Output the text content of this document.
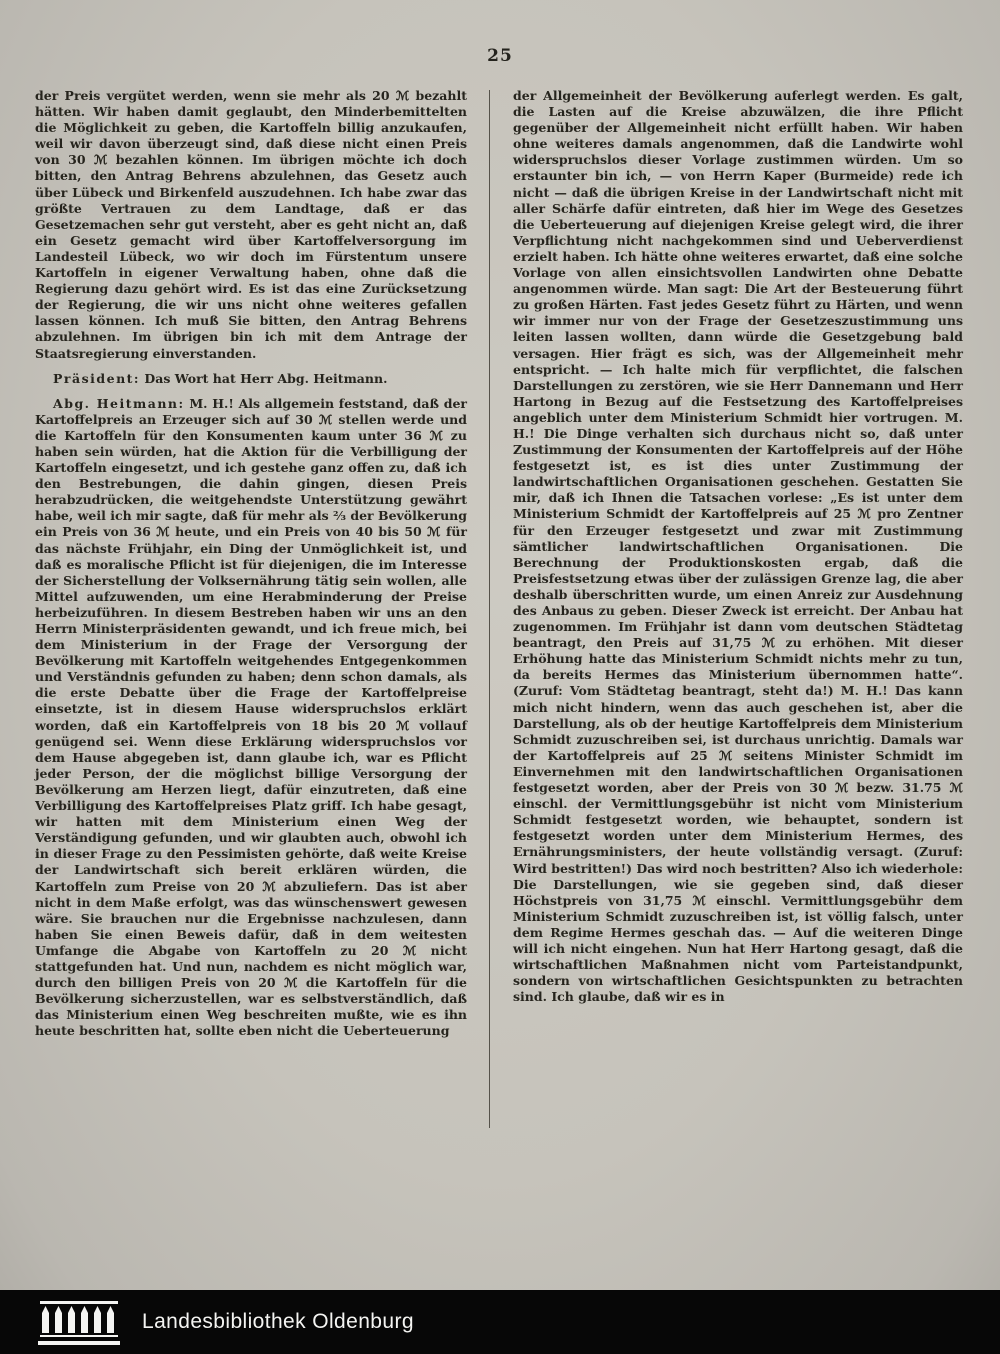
25

der Preis vergütet werden, wenn sie mehr als 20 ℳ bezahlt hätten. Wir haben damit geglaubt, den Minderbemittelten die Möglichkeit zu geben, die Kartoffeln billig anzukaufen, weil wir davon überzeugt sind, daß diese nicht einen Preis von 30 ℳ bezahlen können. Im übrigen möchte ich doch bitten, den Antrag Behrens abzulehnen, das Gesetz auch über Lübeck und Birkenfeld auszudehnen. Ich habe zwar das größte Vertrauen zu dem Landtage, daß er das Gesetzemachen sehr gut versteht, aber es geht nicht an, daß ein Gesetz gemacht wird über Kartoffelversorgung im Landesteil Lübeck, wo wir doch im Fürstentum unsere Kartoffeln in eigener Verwaltung haben, ohne daß die Regierung dazu gehört wird. Es ist das eine Zurücksetzung der Regierung, die wir uns nicht ohne weiteres gefallen lassen können. Ich muß Sie bitten, den Antrag Behrens abzulehnen. Im übrigen bin ich mit dem Antrage der Staatsregierung einverstanden.

Präsident: Das Wort hat Herr Abg. Heitmann.

Abg. Heitmann: M. H.! Als allgemein feststand, daß der Kartoffelpreis an Erzeuger sich auf 30 ℳ stellen werde und die Kartoffeln für den Konsumenten kaum unter 36 ℳ zu haben sein würden, hat die Aktion für die Verbilligung der Kartoffeln eingesetzt, und ich gestehe ganz offen zu, daß ich den Bestrebungen, die dahin gingen, diesen Preis herabzudrücken, die weitgehendste Unterstützung gewährt habe, weil ich mir sagte, daß für mehr als ⅔ der Bevölkerung ein Preis von 36 ℳ heute, und ein Preis von 40 bis 50 ℳ für das nächste Frühjahr, ein Ding der Unmöglichkeit ist, und daß es moralische Pflicht ist für diejenigen, die im Interesse der Sicherstellung der Volksernährung tätig sein wollen, alle Mittel aufzuwenden, um eine Herabminderung der Preise herbeizuführen. In diesem Bestreben haben wir uns an den Herrn Ministerpräsidenten gewandt, und ich freue mich, bei dem Ministerium in der Frage der Versorgung der Bevölkerung mit Kartoffeln weitgehendes Entgegenkommen und Verständnis gefunden zu haben; denn schon damals, als die erste Debatte über die Frage der Kartoffelpreise einsetzte, ist in diesem Hause widerspruchslos erklärt worden, daß ein Kartoffelpreis von 18 bis 20 ℳ vollauf genügend sei. Wenn diese Erklärung widerspruchslos vor dem Hause abgegeben ist, dann glaube ich, war es Pflicht jeder Person, der die möglichst billige Versorgung der Bevölkerung am Herzen liegt, dafür einzutreten, daß eine Verbilligung des Kartoffelpreises Platz griff. Ich habe gesagt, wir hatten mit dem Ministerium einen Weg der Verständigung gefunden, und wir glaubten auch, obwohl ich in dieser Frage zu den Pessimisten gehörte, daß weite Kreise der Landwirtschaft sich bereit erklären würden, die Kartoffeln zum Preise von 20 ℳ abzuliefern. Das ist aber nicht in dem Maße erfolgt, was das wünschenswert gewesen wäre. Sie brauchen nur die Ergebnisse nachzulesen, dann haben Sie einen Beweis dafür, daß in dem weitesten Umfange die Abgabe von Kartoffeln zu 20 ℳ nicht stattgefunden hat. Und nun, nachdem es nicht möglich war, durch den billigen Preis von 20 ℳ die Kartoffeln für die Bevölkerung sicherzustellen, war es selbstverständlich, daß das Ministerium einen Weg beschreiten mußte, wie es ihn heute beschritten hat, sollte eben nicht die Ueberteuerung

der Allgemeinheit der Bevölkerung auferlegt werden. Es galt, die Lasten auf die Kreise abzuwälzen, die ihre Pflicht gegenüber der Allgemeinheit nicht erfüllt haben. Wir haben ohne weiteres damals angenommen, daß die Landwirte wohl widerspruchslos dieser Vorlage zustimmen würden. Um so erstaunter bin ich, — von Herrn Kaper (Burmeide) rede ich nicht — daß die übrigen Kreise in der Landwirtschaft nicht mit aller Schärfe dafür eintreten, daß hier im Wege des Gesetzes die Ueberteuerung auf diejenigen Kreise gelegt wird, die ihrer Verpflichtung nicht nachgekommen sind und Ueberverdienst erzielt haben. Ich hätte ohne weiteres erwartet, daß eine solche Vorlage von allen einsichtsvollen Landwirten ohne Debatte angenommen würde. Man sagt: Die Art der Besteuerung führt zu großen Härten. Fast jedes Gesetz führt zu Härten, und wenn wir immer nur von der Frage der Gesetzeszustimmung uns leiten lassen wollten, dann würde die Gesetzgebung bald versagen. Hier frägt es sich, was der Allgemeinheit mehr entspricht. — Ich halte mich für verpflichtet, die falschen Darstellungen zu zerstören, wie sie Herr Dannemann und Herr Hartong in Bezug auf die Festsetzung des Kartoffelpreises angeblich unter dem Ministerium Schmidt hier vortrugen. M. H.! Die Dinge verhalten sich durchaus nicht so, daß unter Zustimmung der Konsumenten der Kartoffelpreis auf der Höhe festgesetzt ist, es ist dies unter Zustimmung der landwirtschaftlichen Organisationen geschehen. Gestatten Sie mir, daß ich Ihnen die Tatsachen vorlese: „Es ist unter dem Ministerium Schmidt der Kartoffelpreis auf 25 ℳ pro Zentner für den Erzeuger festgesetzt und zwar mit Zustimmung sämtlicher landwirtschaftlichen Organisationen. Die Berechnung der Produktionskosten ergab, daß die Preisfestsetzung etwas über der zulässigen Grenze lag, die aber deshalb überschritten wurde, um einen Anreiz zur Ausdehnung des Anbaus zu geben. Dieser Zweck ist erreicht. Der Anbau hat zugenommen. Im Frühjahr ist dann vom deutschen Städtetag beantragt, den Preis auf 31,75 ℳ zu erhöhen. Mit dieser Erhöhung hatte das Ministerium Schmidt nichts mehr zu tun, da bereits Hermes das Ministerium übernommen hatte“. (Zuruf: Vom Städtetag beantragt, steht da!) M. H.! Das kann mich nicht hindern, wenn das auch geschehen ist, aber die Darstellung, als ob der heutige Kartoffelpreis dem Ministerium Schmidt zuzuschreiben sei, ist durchaus unrichtig. Damals war der Kartoffelpreis auf 25 ℳ seitens Minister Schmidt im Einvernehmen mit den landwirtschaftlichen Organisationen festgesetzt worden, aber der Preis von 30 ℳ bezw. 31.75 ℳ einschl. der Vermittlungsgebühr ist nicht vom Ministerium Schmidt festgesetzt worden, wie behauptet, sondern ist festgesetzt worden unter dem Ministerium Hermes, des Ernährungsministers, der heute vollständig versagt. (Zuruf: Wird bestritten!) Das wird noch bestritten? Also ich wiederhole: Die Darstellungen, wie sie gegeben sind, daß dieser Höchstpreis von 31,75 ℳ einschl. Vermittlungsgebühr dem Ministerium Schmidt zuzuschreiben ist, ist völlig falsch, unter dem Regime Hermes geschah das. — Auf die weiteren Dinge will ich nicht eingehen. Nun hat Herr Hartong gesagt, daß die wirtschaftlichen Maßnahmen nicht vom Parteistandpunkt, sondern von wirtschaftlichen Gesichtspunkten zu betrachten sind. Ich glaube, daß wir es in

Landesbibliothek Oldenburg
